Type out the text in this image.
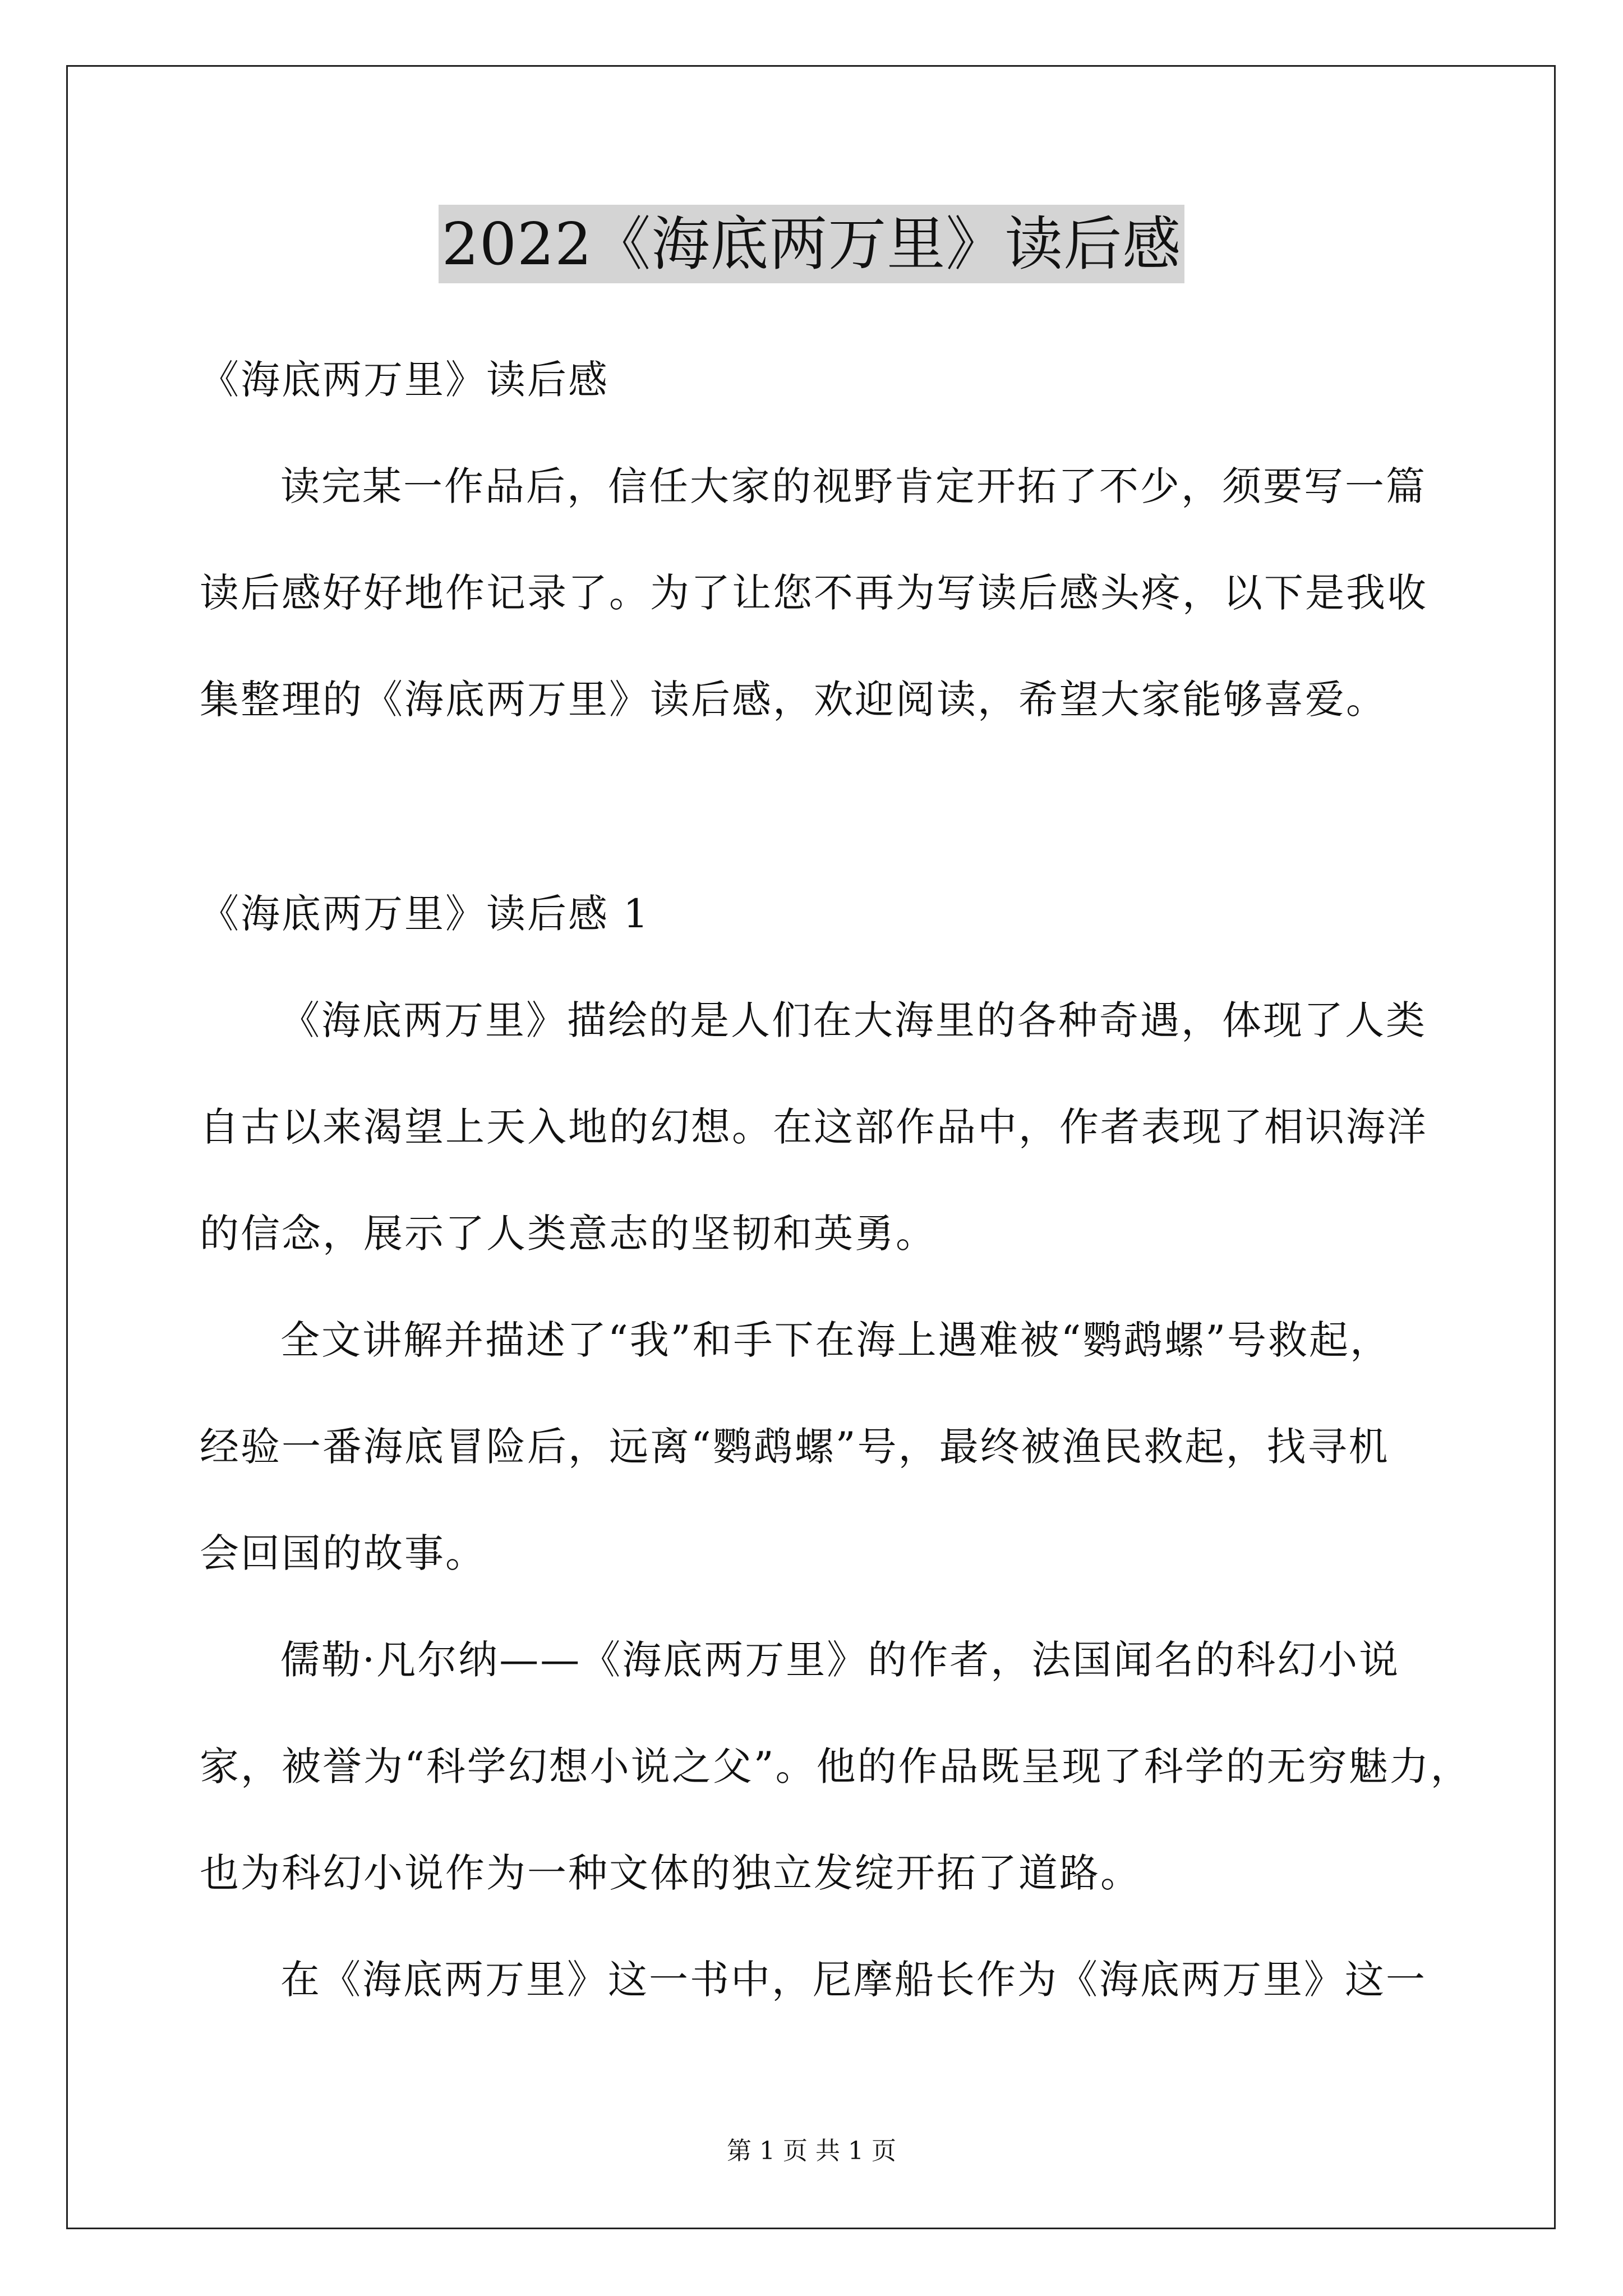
2022《海底两万里》读后感
《海底两万里》读后感
读完某一作品后，信任大家的视野肯定开拓了不少，须要写一篇
读后感好好地作记录了。为了让您不再为写读后感头疼，以下是我收
集整理的《海底两万里》读后感，欢迎阅读，希望大家能够喜爱。
《海底两万里》读后感 1
《海底两万里》描绘的是人们在大海里的各种奇遇，体现了人类
自古以来渴望上天入地的幻想。在这部作品中，作者表现了相识海洋
的信念，展示了人类意志的坚韧和英勇。
全文讲解并描述了“我”和手下在海上遇难被“鹦鹉螺”号救起，
经验一番海底冒险后，远离“鹦鹉螺”号，最终被渔民救起，找寻机
会回国的故事。
儒勒·凡尔纳——《海底两万里》的作者，法国闻名的科幻小说
家，被誉为“科学幻想小说之父”。他的作品既呈现了科学的无穷魅力，
也为科幻小说作为一种文体的独立发绽开拓了道路。
在《海底两万里》这一书中，尼摩船长作为《海底两万里》这一
第 1 页 共 1 页
